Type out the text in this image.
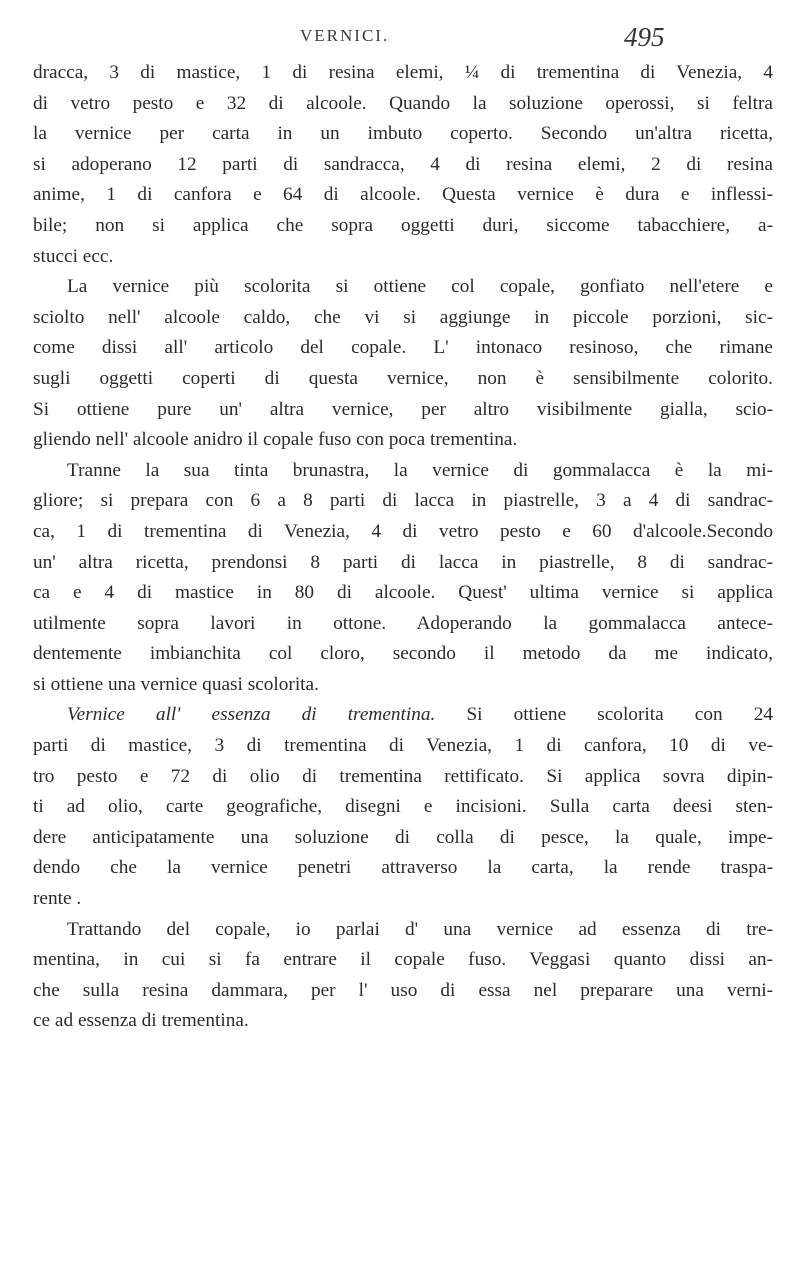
VERNICI.	495
dracca, 3 di mastice, 1 di resina elemi, ¼ di trementina di Venezia, 4
di vetro pesto e 32 di alcoole. Quando la soluzione operossi, si feltra
la vernice per carta in un imbuto coperto. Secondo un'altra ricetta,
si adoperano 12 parti di sandracca, 4 di resina elemi, 2 di resina
animе, 1 di canfora e 64 di alcoole. Questa vernice è dura e inflessi-
bile; non si applica che sopra oggetti duri, siccome tabacchiere, a-
stucci ecc.
La vernice più scolorita si ottiene col copale, gonfiato nell'etere e
sciolto nell' alcoole caldo, che vi si aggiunge in piccole porzioni, sic-
come dissi all' articolo del copale. L' intonaco resinoso, che rimane
sugli oggetti coperti di questa vernice, non è sensibilmente colorito.
Si ottiene pure un' altra vernice, per altro visibilmente gialla, scio-
gliendo nell' alcoole anidro il copale fuso con poca trementina.
Tranne la sua tinta brunastra, la vernice di gommalacca è la mi-
gliore; si prepara con 6 a 8 parti di lacca in piastrelle, 3 a 4 di sandrac-
ca, 1 di trementina di Venezia, 4 di vetro pesto e 60 d'alcoole.Secondo
un' altra ricetta, prendonsi 8 parti di lacca in piastrelle, 8 di sandrac-
ca e 4 di mastice in 80 di alcoole. Quest' ultima vernice si applica
utilmente sopra lavori in ottone. Adoperando la gommalacca antece-
dentemente imbianchita col cloro, secondo il metodo da me indicato,
si ottiene una vernice quasi scolorita.
Vernice all' essenza di trementina. Si ottiene scolorita con 24
parti di mastice, 3 di trementina di Venezia, 1 di canfora, 10 di ve-
tro pesto e 72 di olio di trementina rettificato. Si applica sovra dipin-
ti ad olio, carte geografiche, disegni e incisioni. Sulla carta deesi sten-
dere anticipatamente una soluzione di colla di pesce, la quale, impe-
dendo che la vernice penetri attraverso la carta, la rende traspa-
rente .
Trattando del copale, io parlai d' una vernice ad essenza di tre-
mentina, in cui si fa entrare il copale fuso. Veggasi quanto dissi an-
che sulla resina dammara, per l' uso di essa nel preparare una verni-
ce ad essenza di trementina.
